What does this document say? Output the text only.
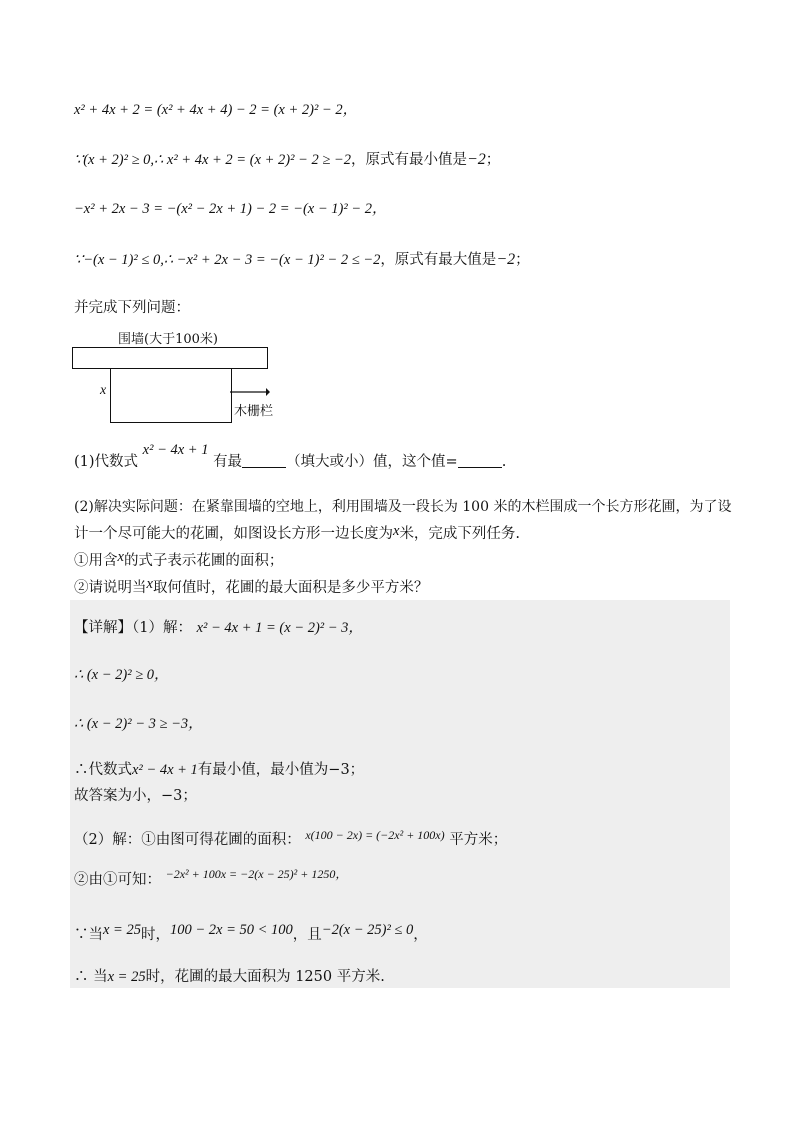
x² + 4x + 2 = (x² + 4x + 4) − 2 = (x + 2)² − 2，
∵(x + 2)² ≥ 0,∴ x² + 4x + 2 = (x + 2)² − 2 ≥ −2，原式有最小值是−2；
−x² + 2x − 3 = −(x² − 2x + 1) − 2 = −(x − 1)² − 2，
∵−(x − 1)² ≤ 0,∴ −x² + 2x − 3 = −(x − 1)² − 2 ≤ −2，原式有最大值是−2；
并完成下列问题：
围墙(大于100米)
x
木栅栏
(1)代数式 x² − 4x + 1 有最	（填大或小）值，这个值=	.
(2)解决实际问题：在紧靠围墙的空地上，利用围墙及一段长为 100 米的木栏围成一个长方形花圃，为了设
计一个尽可能大的花圃，如图设长方形一边长度为x米，完成下列任务.
①用含x的式子表示花圃的面积；
②请说明当x取何值时，花圃的最大面积是多少平方米？
【详解】（1）解： x² − 4x + 1 = (x − 2)² − 3，
∴ (x − 2)² ≥ 0，
∴ (x − 2)² − 3 ≥ −3，
∴代数式x² − 4x + 1有最小值，最小值为−3；
故答案为小，−3；
（2）解：①由图可得花圃的面积： $^{x(100 - 2x) = (-2x^2 + 100x)}$ 平方米；
②由①可知： $^{-2x^2 + 100x = -2(x - 25)^2 + 1250,}$
∵当x = 25时，100 − 2x = 50 < 100，且−2(x − 25)² ≤ 0，
∴ 当x = 25时，花圃的最大面积为 1250 平方米.
